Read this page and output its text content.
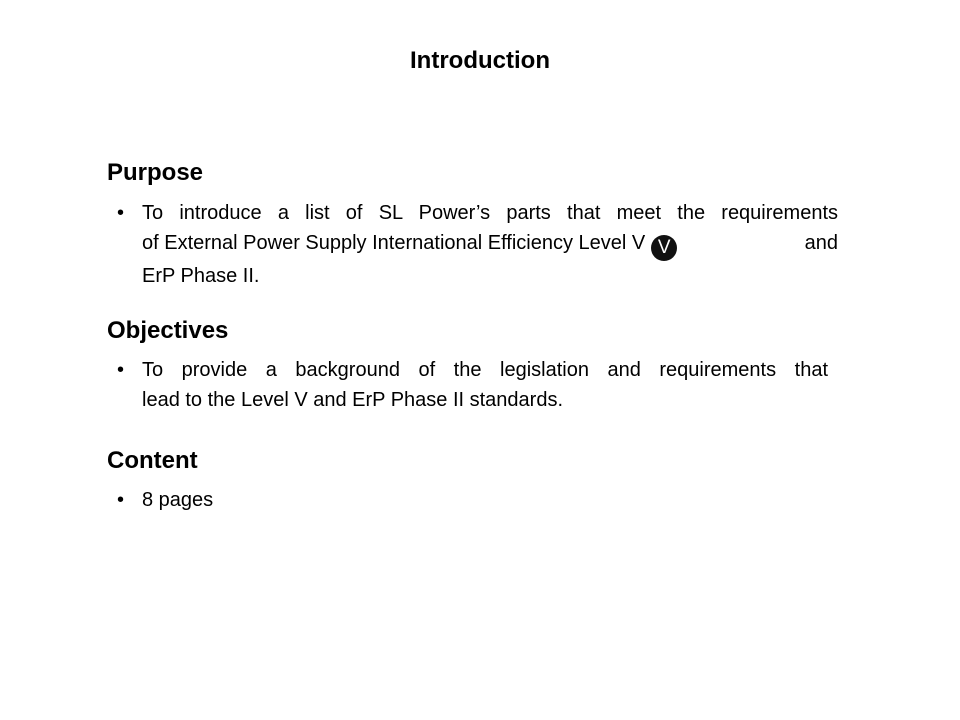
Introduction
Purpose
• To introduce a list of SL Power’s parts that meet the requirements
of External Power Supply International Efficiency Level V V	and
ErP Phase II.
Objectives
• To provide a background of the legislation and requirements that
lead to the Level V and ErP Phase II standards.
Content
• 8 pages
